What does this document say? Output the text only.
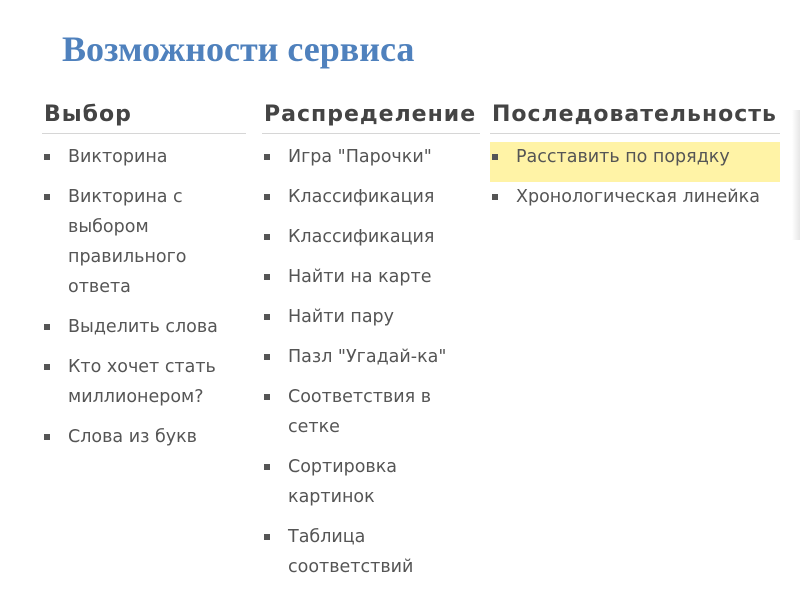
Возможности сервиса
Выбор
Викторина
Викторина с
выбором
правильного ответа
Выделить слова
Кто хочет стать
миллионером?
Слова из букв
Распределение
Игра "Парочки"
Классификация
Классификация
Найти на карте
Найти пару
Пазл "Угадай-ка"
Соответствия в сетке
Сортировка картинок
Таблица
соответствий
Последовательность
Расставить по порядку
Хронологическая линейка
